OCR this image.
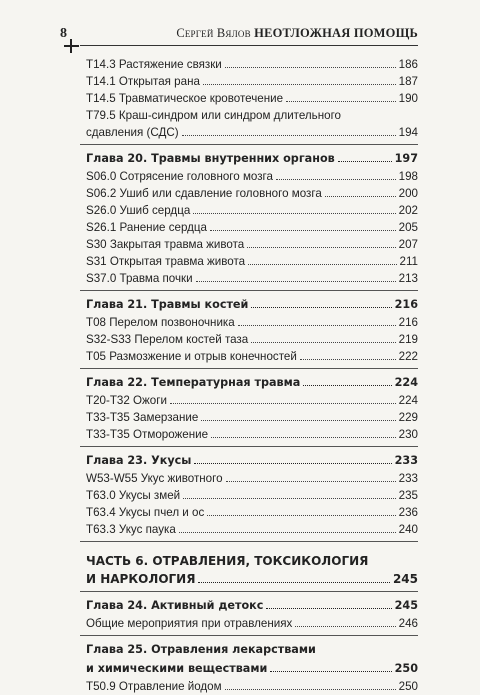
8	Сергей Вялов НЕОТЛОЖНАЯ ПОМОЩЬ
T14.3 Растяжение связки	186
T14.1 Открытая рана	187
T14.5 Травматическое кровотечение	190
T79.5 Краш-синдром или синдром длительного
сдавления (СДС)	194
Глава 20. Травмы внутренних органов	197
S06.0 Сотрясение головного мозга	198
S06.2 Ушиб или сдавление головного мозга	200
S26.0 Ушиб сердца	202
S26.1 Ранение сердца	205
S30 Закрытая травма живота	207
S31 Открытая травма живота	211
S37.0 Травма почки	213
Глава 21. Травмы костей	216
T08 Перелом позвоночника	216
S32-S33 Перелом костей таза	219
T05 Размозжение и отрыв конечностей	222
Глава 22. Температурная травма	224
T20-T32 Ожоги	224
T33-T35 Замерзание	229
T33-T35 Отморожение	230
Глава 23. Укусы	233
W53-W55 Укус животного	233
T63.0 Укусы змей	235
T63.4 Укусы пчел и ос	236
T63.3 Укус паука	240
ЧАСТЬ 6. ОТРАВЛЕНИЯ, ТОКСИКОЛОГИЯ
И НАРКОЛОГИЯ	245
Глава 24. Активный детокс	245
Общие мероприятия при отравлениях	246
Глава 25. Отравления лекарствами
и химическими веществами	250
T50.9 Отравление йодом	250
